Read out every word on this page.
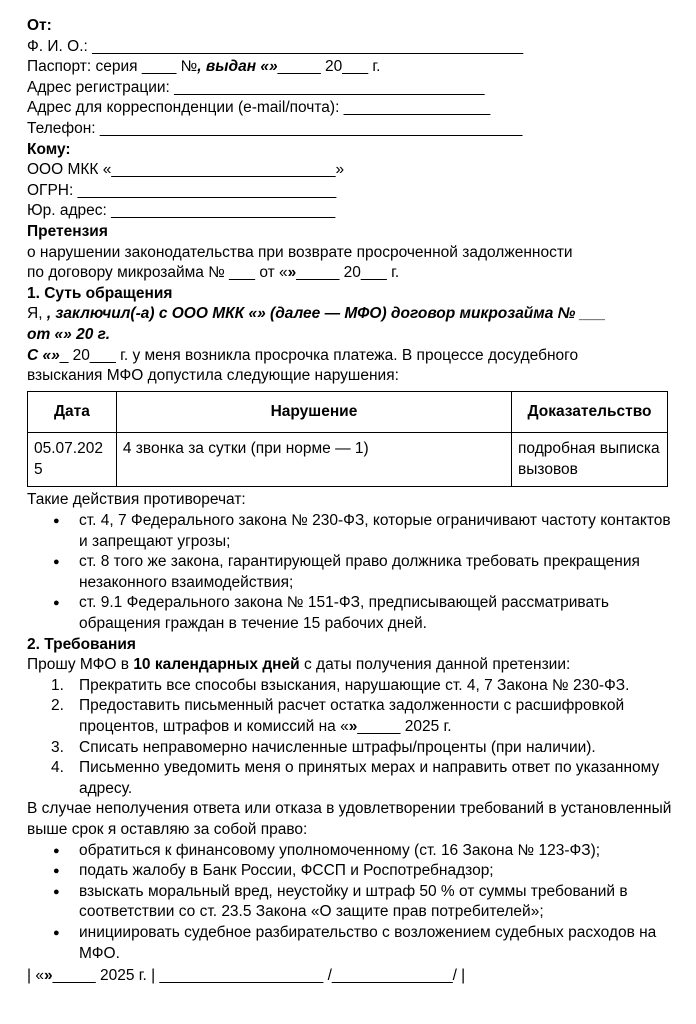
От:
Ф. И. О.: __________________________________________________
Паспорт: серия ____ №, выдан «»_____ 20___ г.
Адрес регистрации: ____________________________________
Адрес для корреспонденции (e-mail/почта): _________________
Телефон: _________________________________________________
Кому:
ООО МКК «__________________________»
ОГРН: ______________________________
Юр. адрес: __________________________
Претензия
о нарушении законодательства при возврате просроченной задолженности
по договору микрозайма № ___ от «»_____ 20___ г.
1. Суть обращения
Я, , заключил(-а) с ООО МКК «» (далее — МФО) договор микрозайма № ___
от «» 20 г.
С «»_ 20___ г. у меня возникла просрочка платежа. В процессе досудебного
взыскания МФО допустила следующие нарушения:
Дата	Нарушение	Доказательство
05.07.2025	4 звонка за сутки (при норме — 1)	подробная выписка вызовов
Такие действия противоречат:
● ст. 4, 7 Федерального закона № 230-ФЗ, которые ограничивают частоту контактов и запрещают угрозы;
● ст. 8 того же закона, гарантирующей право должника требовать прекращения незаконного взаимодействия;
● ст. 9.1 Федерального закона № 151-ФЗ, предписывающей рассматривать обращения граждан в течение 15 рабочих дней.
2. Требования
Прошу МФО в 10 календарных дней с даты получения данной претензии:
1. Прекратить все способы взыскания, нарушающие ст. 4, 7 Закона № 230-ФЗ.
2. Предоставить письменный расчет остатка задолженности с расшифровкой процентов, штрафов и комиссий на «»_____ 2025 г.
3. Списать неправомерно начисленные штрафы/проценты (при наличии).
4. Письменно уведомить меня о принятых мерах и направить ответ по указанному адресу.
В случае неполучения ответа или отказа в удовлетворении требований в установленный выше срок я оставляю за собой право:
● обратиться к финансовому уполномоченному (ст. 16 Закона № 123-ФЗ);
● подать жалобу в Банк России, ФССП и Роспотребнадзор;
● взыскать моральный вред, неустойку и штраф 50 % от суммы требований в соответствии со ст. 23.5 Закона «О защите прав потребителей»;
● инициировать судебное разбирательство с возложением судебных расходов на МФО.
| «»_____ 2025 г. | ___________________ /______________/ |
